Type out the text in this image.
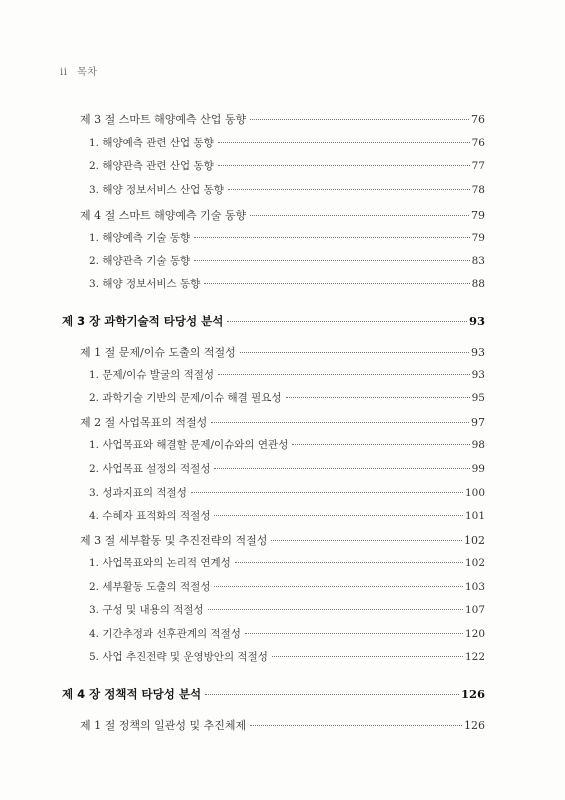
ii 목차
제 3 절 스마트 해양예측 산업 동향	76
1. 해양예측 관련 산업 동향	76
2. 해양관측 관련 산업 동향	77
3. 해양 정보서비스 산업 동향	78
제 4 절 스마트 해양예측 기술 동향	79
1. 해양예측 기술 동향	79
2. 해양관측 기술 동향	83
3. 해양 정보서비스 동향	88
제 3 장 과학기술적 타당성 분석	93
제 1 절 문제/이슈 도출의 적절성	93
1. 문제/이슈 발굴의 적절성	93
2. 과학기술 기반의 문제/이슈 해결 필요성	95
제 2 절 사업목표의 적절성	97
1. 사업목표와 해결할 문제/이슈와의 연관성	98
2. 사업목표 설정의 적절성	99
3. 성과지표의 적절성	100
4. 수혜자 표적화의 적절성	101
제 3 절 세부활동 및 추진전략의 적절성	102
1. 사업목표와의 논리적 연계성	102
2. 세부활동 도출의 적절성	103
3. 구성 및 내용의 적절성	107
4. 기간추정과 선후관계의 적절성	120
5. 사업 추진전략 및 운영방안의 적절성	122
제 4 장 정책적 타당성 분석	126
제 1 절 정책의 일관성 및 추진체제	126
